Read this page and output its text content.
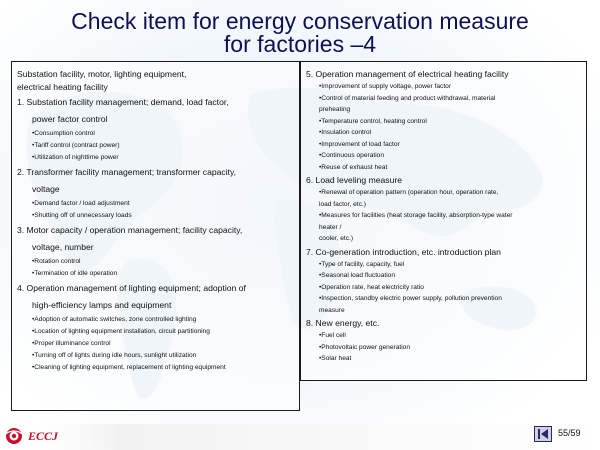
Check item for energy conservation measure
for factories –4
Substation facility, motor, lighting equipment,
electrical heating facility
1. Substation facility management; demand, load factor,
power factor control
•Consumption control
•Tariff control (contract power)
•Utilization of nighttime power
2. Transformer facility management; transformer capacity,
voltage
•Demand factor / load adjustment
•Shutting off of unnecessary loads
3. Motor capacity / operation management; facility capacity,
voltage, number
•Rotation control
•Termination of idle operation
4. Operation management of lighting equipment; adoption of
high-efficiency lamps and equipment
•Adoption of automatic switches, zone controlled lighting
•Location of lighting equipment installation, circuit partitioning
•Proper illuminance control
•Turning off of lights during idle hours, sunlight utilization
•Cleaning of lighting equipment, replacement of lighting equipment
5. Operation management of electrical heating facility
•Improvement of supply voltage, power factor
•Control of material feeding and product withdrawal, material
preheating
•Temperature control, heating control
•Insulation control
•Improvement of load factor
•Continuous operation
•Reuse of exhaust heat
6. Load leveling measure
•Renewal of operation pattern (operation hour, operation rate,
load factor, etc.)
•Measures for facilities (heat storage facility, absorption-type water
heater /
cooler, etc.)
7. Co-generation introduction, etc. introduction plan
•Type of facility, capacity, fuel
•Seasonal load fluctuation
•Operation rate, heat electricity ratio
•Inspection, standby electric power supply, pollution prevention
measure
8. New energy, etc.
•Fuel cell
•Photovoltaic power generation
•Solar heat
ECCJ	55/59
